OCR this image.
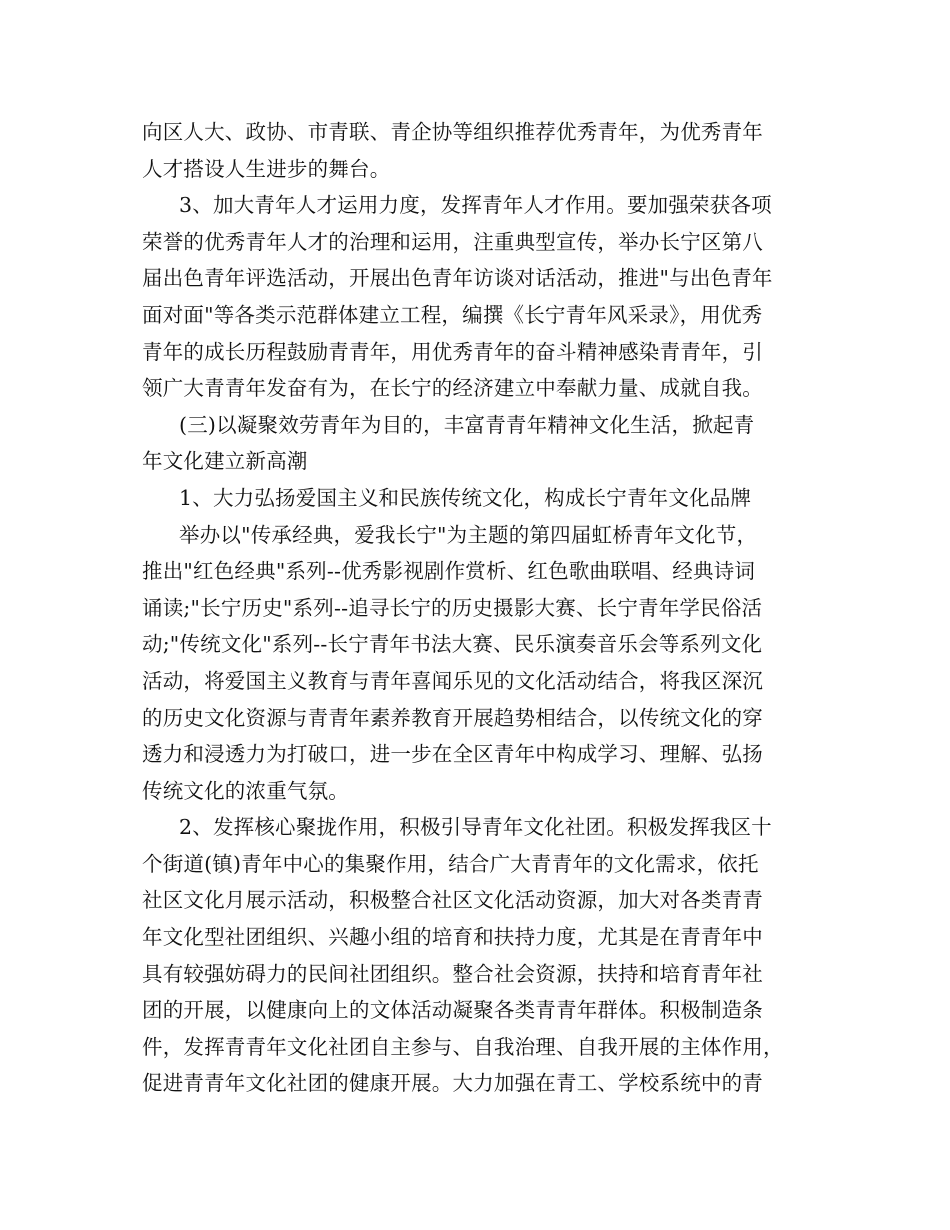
向区人大、政协、市青联、青企协等组织推荐优秀青年，为优秀青年
人才搭设人生进步的舞台。
3、加大青年人才运用力度，发挥青年人才作用。要加强荣获各项
荣誉的优秀青年人才的治理和运用，注重典型宣传，举办长宁区第八
届出色青年评选活动，开展出色青年访谈对话活动，推进"与出色青年
面对面"等各类示范群体建立工程，编撰《长宁青年风采录》，用优秀
青年的成长历程鼓励青青年，用优秀青年的奋斗精神感染青青年，引
领广大青青年发奋有为，在长宁的经济建立中奉献力量、成就自我。
(三)以凝聚效劳青年为目的，丰富青青年精神文化生活，掀起青
年文化建立新高潮
1、大力弘扬爱国主义和民族传统文化，构成长宁青年文化品牌
举办以"传承经典，爱我长宁"为主题的第四届虹桥青年文化节，
推出"红色经典"系列--优秀影视剧作赏析、红色歌曲联唱、经典诗词
诵读;"长宁历史"系列--追寻长宁的历史摄影大赛、长宁青年学民俗活
动;"传统文化"系列--长宁青年书法大赛、民乐演奏音乐会等系列文化
活动，将爱国主义教育与青年喜闻乐见的文化活动结合，将我区深沉
的历史文化资源与青青年素养教育开展趋势相结合，以传统文化的穿
透力和浸透力为打破口，进一步在全区青年中构成学习、理解、弘扬
传统文化的浓重气氛。
2、发挥核心聚拢作用，积极引导青年文化社团。积极发挥我区十
个街道(镇)青年中心的集聚作用，结合广大青青年的文化需求，依托
社区文化月展示活动，积极整合社区文化活动资源，加大对各类青青
年文化型社团组织、兴趣小组的培育和扶持力度，尤其是在青青年中
具有较强妨碍力的民间社团组织。整合社会资源，扶持和培育青年社
团的开展，以健康向上的文体活动凝聚各类青青年群体。积极制造条
件，发挥青青年文化社团自主参与、自我治理、自我开展的主体作用，
促进青青年文化社团的健康开展。大力加强在青工、学校系统中的青
